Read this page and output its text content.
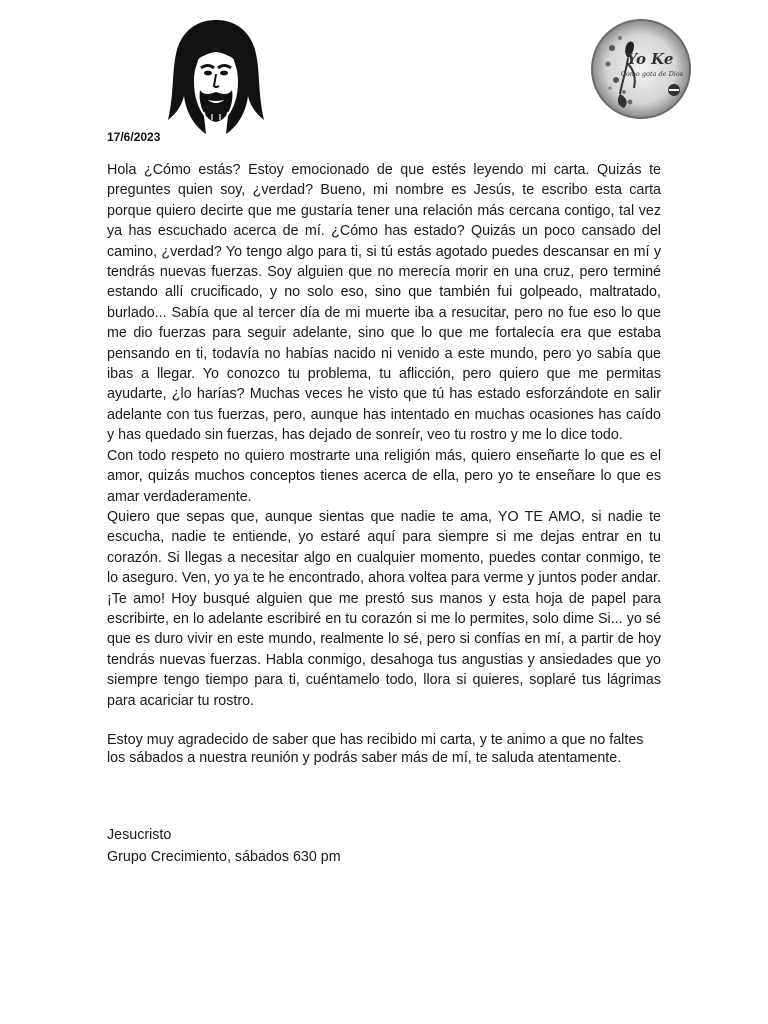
Yo Ke
Como gota de Dios
17/6/2023

Hola ¿Cómo estás? Estoy emocionado de que estés leyendo mi carta. Quizás te preguntes quien soy, ¿verdad? Bueno, mi nombre es Jesús, te escribo esta carta porque quiero decirte que me gustaría tener una relación más cercana contigo, tal vez ya has escuchado acerca de mí. ¿Cómo has estado? Quizás un poco cansado del camino, ¿verdad? Yo tengo algo para ti, si tú estás agotado puedes descansar en mí y tendrás nuevas fuerzas. Soy alguien que no merecía morir en una cruz, pero terminé estando allí crucificado, y no solo eso, sino que también fui golpeado, maltratado, burlado... Sabía que al tercer día de mi muerte iba a resucitar, pero no fue eso lo que me dio fuerzas para seguir adelante, sino que lo que me fortalecía era que estaba pensando en ti, todavía no habías nacido ni venido a este mundo, pero yo sabía que ibas a llegar. Yo conozco tu problema, tu aflicción, pero quiero que me permitas ayudarte, ¿lo harías? Muchas veces he visto que tú has estado esforzándote en salir adelante con tus fuerzas, pero, aunque has intentado en muchas ocasiones has caído y has quedado sin fuerzas, has dejado de sonreír, veo tu rostro y me lo dice todo.

Con todo respeto no quiero mostrarte una religión más, quiero enseñarte lo que es el amor, quizás muchos conceptos tienes acerca de ella, pero yo te enseñare lo que es amar verdaderamente.

Quiero que sepas que, aunque sientas que nadie te ama, YO TE AMO, si nadie te escucha, nadie te entiende, yo estaré aquí para siempre si me dejas entrar en tu corazón. Si llegas a necesitar algo en cualquier momento, puedes contar conmigo, te lo aseguro. Ven, yo ya te he encontrado, ahora voltea para verme y juntos poder andar. ¡Te amo! Hoy busqué alguien que me prestó sus manos y esta hoja de papel para escribirte, en lo adelante escribiré en tu corazón si me lo permites, solo dime Si... yo sé que es duro vivir en este mundo, realmente lo sé, pero si confías en mí, a partir de hoy tendrás nuevas fuerzas. Habla conmigo, desahoga tus angustias y ansiedades que yo siempre tengo tiempo para ti, cuéntamelo todo, llora si quieres, soplaré tus lágrimas para acariciar tu rostro.

Estoy muy agradecido de saber que has recibido mi carta, y te animo a que no faltes los sábados a nuestra reunión y podrás saber más de mí, te saluda atentamente.

Jesucristo
Grupo Crecimiento, sábados 630 pm
